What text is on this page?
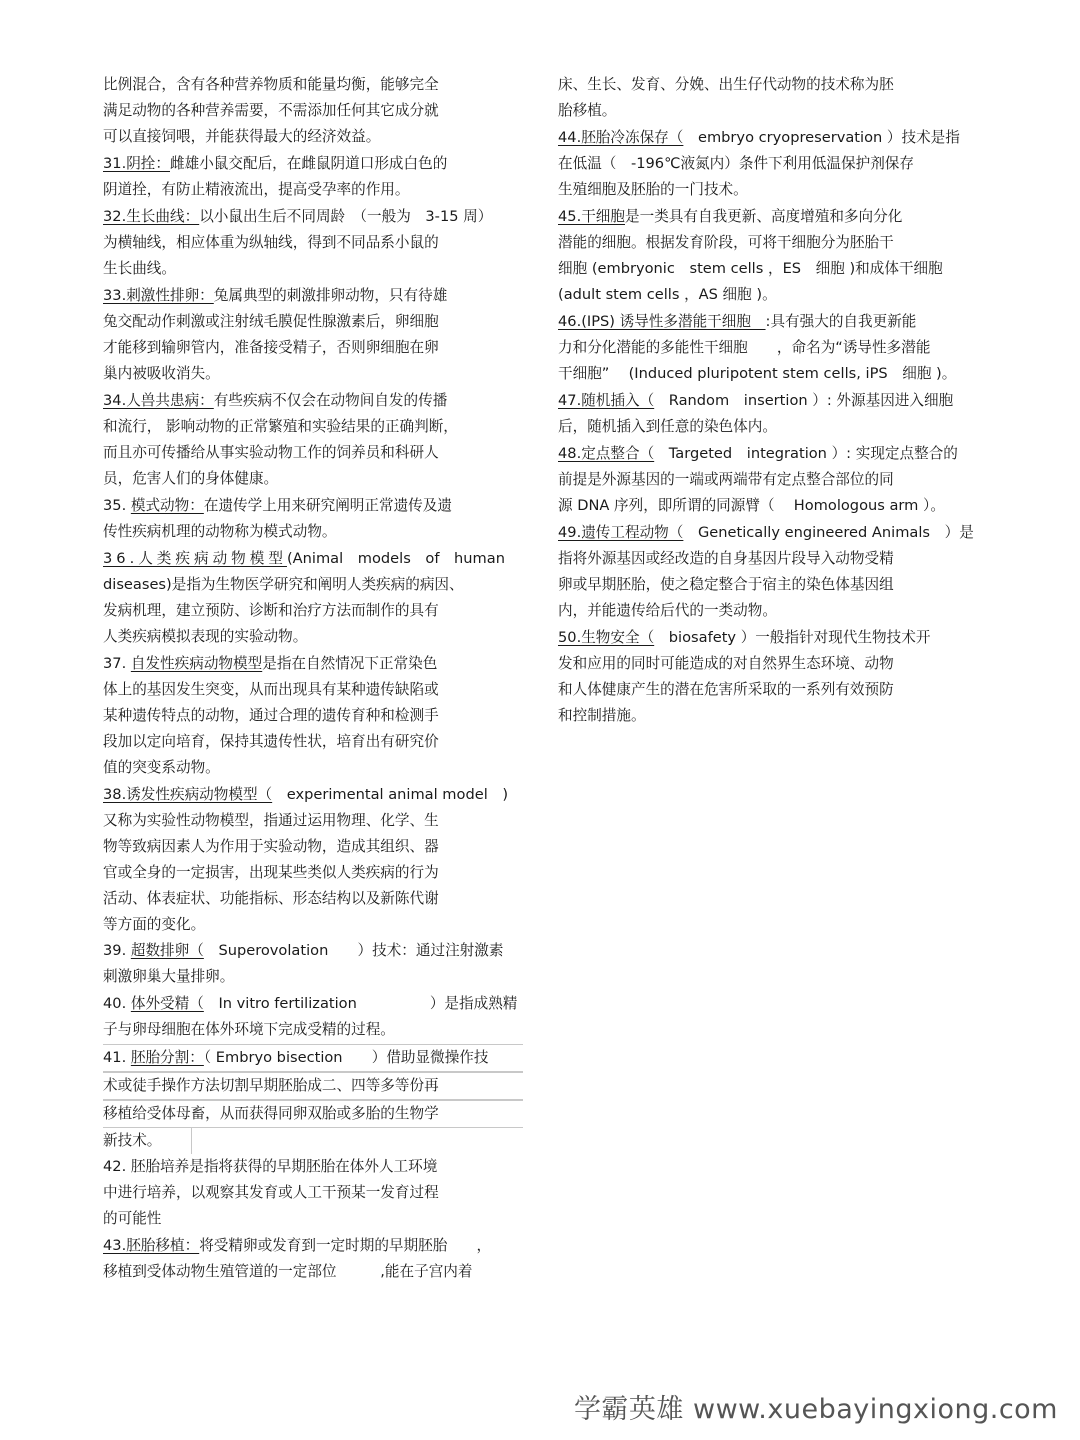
比例混合，含有各种营养物质和能量均衡，能够完全
满足动物的各种营养需要，不需添加任何其它成分就
可以直接饲喂，并能获得最大的经济效益。
31.阴拴：雌雄小鼠交配后，在雌鼠阴道口形成白色的
阴道拴，有防止精液流出，提高受孕率的作用。
32.生长曲线：以小鼠出生后不同周龄　（一般为　3-15 周）
为横轴线，相应体重为纵轴线，得到不同品系小鼠的
生长曲线。
33.刺激性排卵：兔属典型的刺激排卵动物，只有待雄
兔交配动作刺激或注射绒毛膜促性腺激素后，卵细胞
才能移到输卵管内，准备接受精子，否则卵细胞在卵
巢内被吸收消失。
34.人兽共患病：有些疾病不仅会在动物间自发的传播
和流行， 影响动物的正常繁殖和实验结果的正确判断，
而且亦可传播给从事实验动物工作的饲养员和科研人
员，危害人们的身体健康。
35. 模式动物：在遗传学上用来研究阐明正常遗传及遗
传性疾病机理的动物称为模式动物。
36.人类疾病动物模型(Animal　models　of　human
diseases)是指为生物医学研究和阐明人类疾病的病因、
发病机理，建立预防、诊断和治疗方法而制作的具有
人类疾病模拟表现的实验动物。
37. 自发性疾病动物模型是指在自然情况下正常染色
体上的基因发生突变，从而出现具有某种遗传缺陷或
某种遗传特点的动物，通过合理的遗传育种和检测手
段加以定向培育，保持其遗传性状，培育出有研究价
值的突变系动物。
38.诱发性疾病动物模型（　experimental animal model　)
又称为实验性动物模型，指通过运用物理、化学、生
物等致病因素人为作用于实验动物，造成其组织、器
官或全身的一定损害，出现某些类似人类疾病的行为
活动、体表症状、功能指标、形态结构以及新陈代谢
等方面的变化。
39. 超数排卵（　Superovolation　　）技术：通过注射激素
刺激卵巢大量排卵。
40. 体外受精（　In vitro fertilization　　　　　）是指成熟精
子与卵母细胞在体外环境下完成受精的过程。
41. 胚胎分割：（ Embryo bisection　　）借助显微操作技
术或徒手操作方法切割早期胚胎成二、四等多等份再
移植给受体母畜，从而获得同卵双胎或多胎的生物学
新技术。
42. 胚胎培养是指将获得的早期胚胎在体外人工环境
中进行培养，以观察其发育或人工干预某一发育过程
的可能性
43.胚胎移植：将受精卵或发育到一定时期的早期胚胎　　，
移植到受体动物生殖管道的一定部位　　　,能在子宫内着
床、生长、发育、分娩、出生仔代动物的技术称为胚
胎移植。
44.胚胎冷冻保存（　embryo cryopreservation ）技术是指
在低温（　-196℃液氮内）条件下利用低温保护剂保存
生殖细胞及胚胎的一门技术。
45.干细胞是一类具有自我更新、高度增殖和多向分化
潜能的细胞。根据发育阶段，可将干细胞分为胚胎干
细胞 (embryonic　stem cells ，ES　细胞 )和成体干细胞
(adult stem cells ，AS 细胞 )。
46.(IPS) 诱导性多潜能干细胞　:具有强大的自我更新能
力和分化潜能的多能性干细胞　　，命名为“诱导性多潜能
干细胞”　 (Induced pluripotent stem cells, iPS　细胞 )。
47.随机插入（　Random　insertion ）: 外源基因进入细胞
后，随机插入到任意的染色体内。
48.定点整合（　Targeted　integration ）: 实现定点整合的
前提是外源基因的一端或两端带有定点整合部位的同
源 DNA 序列，即所谓的同源臂（　 Homologous arm ）。
49.遗传工程动物（　Genetically engineered Animals　）是
指将外源基因或经改造的自身基因片段导入动物受精
卵或早期胚胎，使之稳定整合于宿主的染色体基因组
内，并能遗传给后代的一类动物。
50.生物安全（　biosafety ）一般指针对现代生物技术开
发和应用的同时可能造成的对自然界生态环境、动物
和人体健康产生的潜在危害所采取的一系列有效预防
和控制措施。
学霸英雄 www.xuebayingxiong.com
